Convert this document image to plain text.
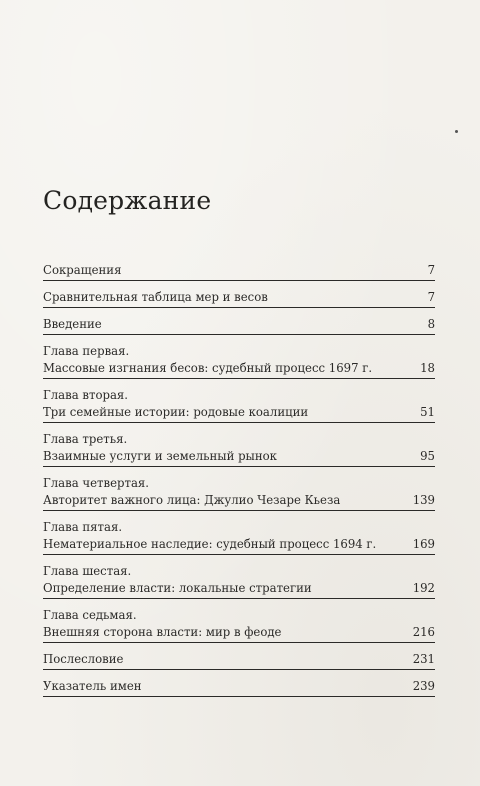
Содержание
Сокращения	7
Сравнительная таблица мер и весов	7
Введение	8
Глава первая.
Массовые изгнания бесов: судебный процесс 1697 г.	18
Глава вторая.
Три семейные истории: родовые коалиции	51
Глава третья.
Взаимные услуги и земельный рынок	95
Глава четвертая.
Авторитет важного лица: Джулио Чезаре Кьеза	139
Глава пятая.
Нематериальное наследие: судебный процесс 1694 г.	169
Глава шестая.
Определение власти: локальные стратегии	192
Глава седьмая.
Внешняя сторона власти: мир в феоде	216
Послесловие	231
Указатель имен	239
